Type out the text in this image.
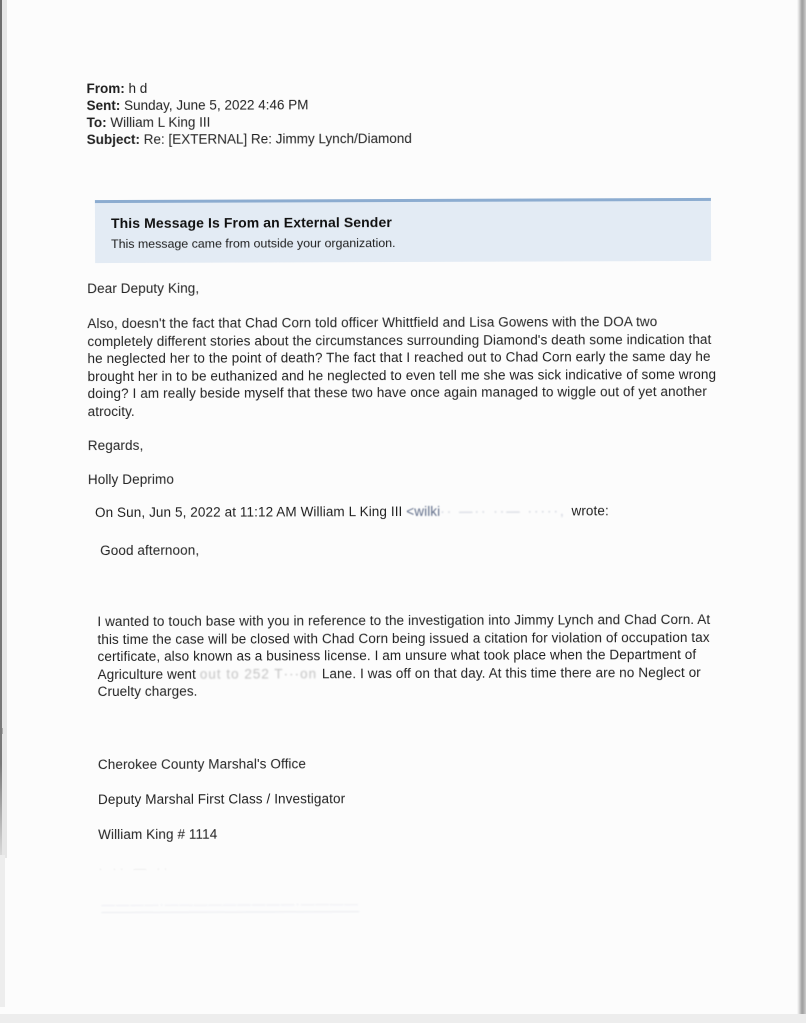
From: h d
Sent: Sunday, June 5, 2022 4:46 PM
To: William L King III
Subject: Re: [EXTERNAL] Re: Jimmy Lynch/Diamond
This Message Is From an External Sender
This message came from outside your organization.
Dear Deputy King,
Also, doesn't the fact that Chad Corn told officer Whittfield and Lisa Gowens with the DOA two completely different stories about the circumstances surrounding Diamond's death some indication that he neglected her to the point of death? The fact that I reached out to Chad Corn early the same day he brought her in to be euthanized and he neglected to even tell me she was sick indicative of some wrong doing? I am really beside myself that these two have once again managed to wiggle out of yet another atrocity.
Regards,
Holly Deprimo
On Sun, Jun 5, 2022 at 11:12 AM William L King III <wilki·· —·· ··— ·····, wrote:
Good afternoon,
I wanted to touch base with you in reference to the investigation into Jimmy Lynch and Chad Corn. At this time the case will be closed with Chad Corn being issued a citation for violation of occupation tax certificate, also known as a business license. I am unsure what took place when the Department of Agriculture went out to 252 T···on Lane. I was off on that day. At this time there are no Neglect or Cruelty charges.
Cherokee County Marshal's Office
Deputy Marshal First Class / Investigator
William King # 1114
· ·· — ··
————·—————————·————
